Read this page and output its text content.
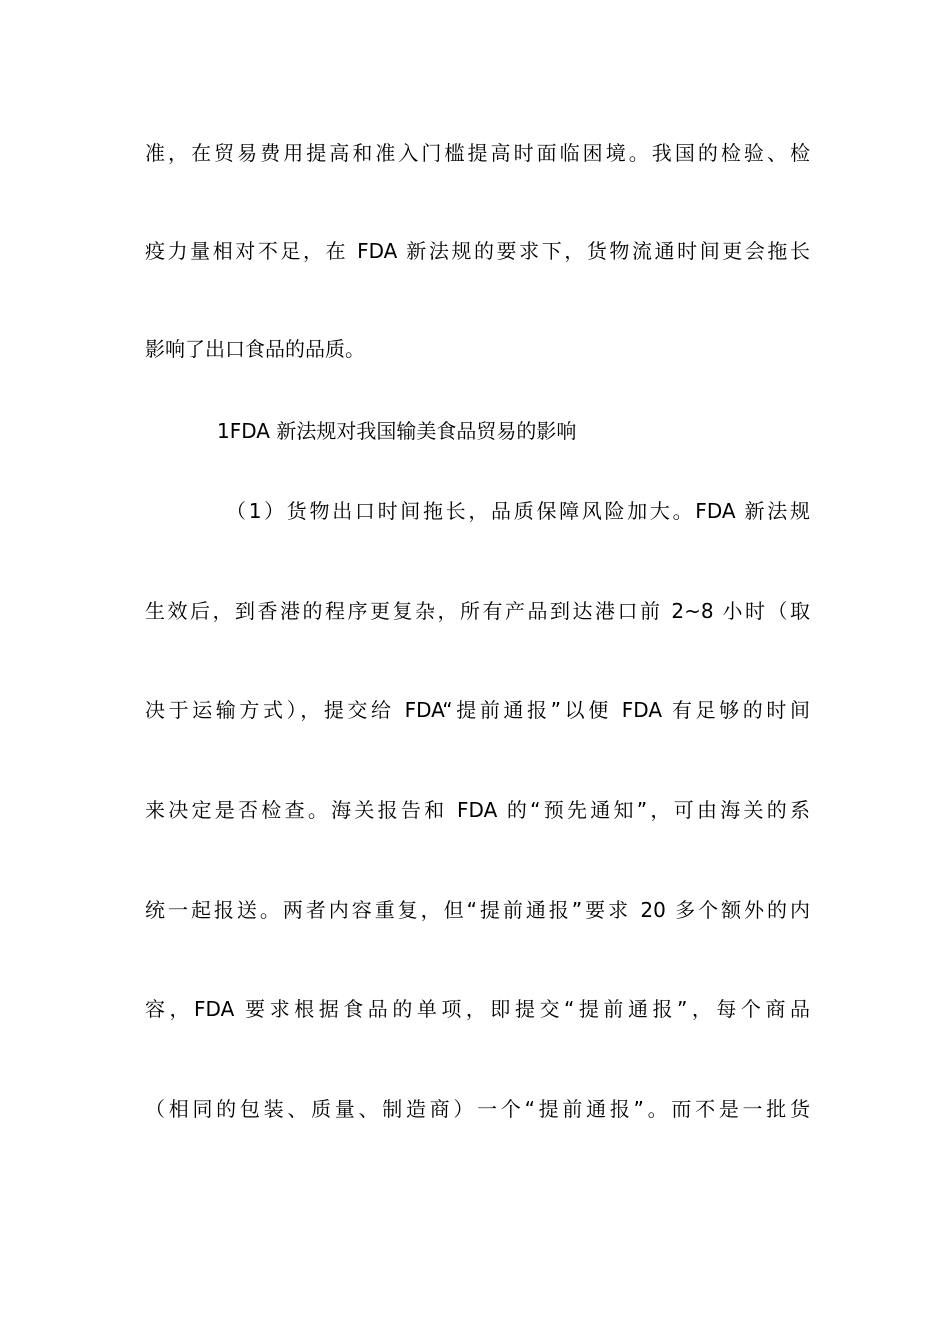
准，在贸易费用提高和准入门槛提高时面临困境。我国的检验、检
疫力量相对不足，在 FDA 新法规的要求下，货物流通时间更会拖长
影响了出口食品的品质。
1FDA 新法规对我国输美食品贸易的影响
（1）货物出口时间拖长，品质保障风险加大。FDA 新法规
生效后，到香港的程序更复杂，所有产品到达港口前 2~8 小时（取
决于运输方式），提交给 FDA“提前通报”以便 FDA 有足够的时间
来决定是否检查。海关报告和 FDA 的“预先通知”，可由海关的系
统一起报送。两者内容重复，但“提前通报”要求 20 多个额外的内
容，FDA 要求根据食品的单项，即提交“提前通报”，每个商品
（相同的包装、质量、制造商）一个“提前通报”。而不是一批货
